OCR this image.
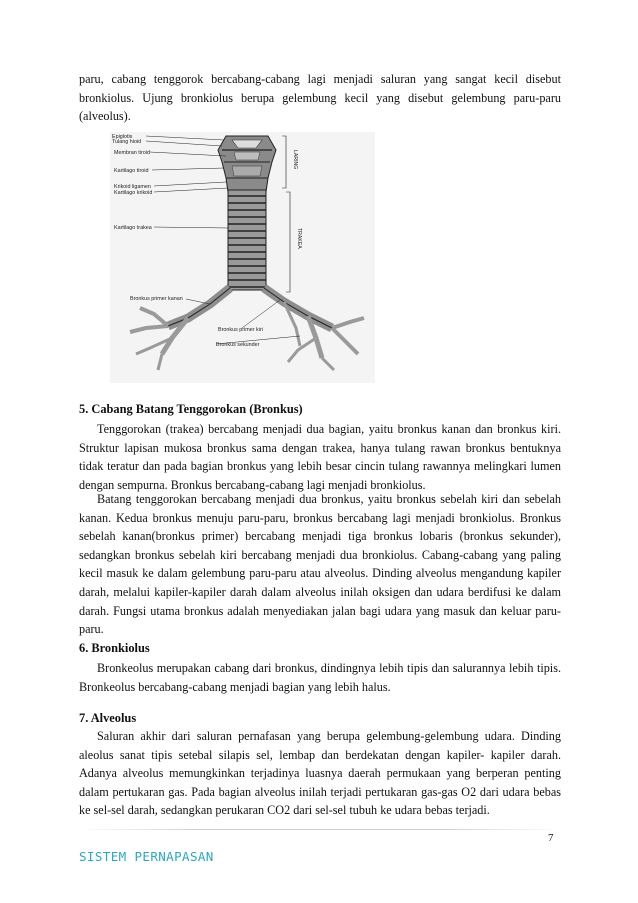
paru, cabang tenggorok bercabang-cabang lagi menjadi saluran yang sangat kecil disebut bronkiolus. Ujung bronkiolus berupa gelembung kecil yang disebut gelembung paru-paru (alveolus).

Epiglotis
Tulang hioid
Membran tiroid
Kartilago tiroid
Krikoid ligamen
Kartilago krikoid
Kartilago trakea
Bronkus primer kanan
Bronkus primer kiri
Bronkus sekunder
LARING
TRAKEA

5. Cabang Batang Tenggorokan (Bronkus)

Tenggorokan (trakea) bercabang menjadi dua bagian, yaitu bronkus kanan dan bronkus kiri. Struktur lapisan mukosa bronkus sama dengan trakea, hanya tulang rawan bronkus bentuknya tidak teratur dan pada bagian bronkus yang lebih besar cincin tulang rawannya melingkari lumen dengan sempurna. Bronkus bercabang-cabang lagi menjadi bronkiolus.

Batang tenggorokan bercabang menjadi dua bronkus, yaitu bronkus sebelah kiri dan sebelah kanan. Kedua bronkus menuju paru-paru, bronkus bercabang lagi menjadi bronkiolus. Bronkus sebelah kanan(bronkus primer) bercabang menjadi tiga bronkus lobaris (bronkus sekunder), sedangkan bronkus sebelah kiri bercabang menjadi dua bronkiolus. Cabang-cabang yang paling kecil masuk ke dalam gelembung paru-paru atau alveolus. Dinding alveolus mengandung kapiler darah, melalui kapiler-kapiler darah dalam alveolus inilah oksigen dan udara berdifusi ke dalam darah. Fungsi utama bronkus adalah menyediakan jalan bagi udara yang masuk dan keluar paru-paru.

6. Bronkiolus

Bronkeolus merupakan cabang dari bronkus, dindingnya lebih tipis dan salurannya lebih tipis. Bronkeolus bercabang-cabang menjadi bagian yang lebih halus.

7. Alveolus

Saluran akhir dari saluran pernafasan yang berupa gelembung-gelembung udara. Dinding aleolus sanat tipis setebal silapis sel, lembap dan berdekatan dengan kapiler- kapiler darah. Adanya alveolus memungkinkan terjadinya luasnya daerah permukaan yang berperan penting dalam pertukaran gas. Pada bagian alveolus inilah terjadi pertukaran gas-gas O2 dari udara bebas ke sel-sel darah, sedangkan perukaran CO2 dari sel-sel tubuh ke udara bebas terjadi.

7
SISTEM PERNAPASAN
